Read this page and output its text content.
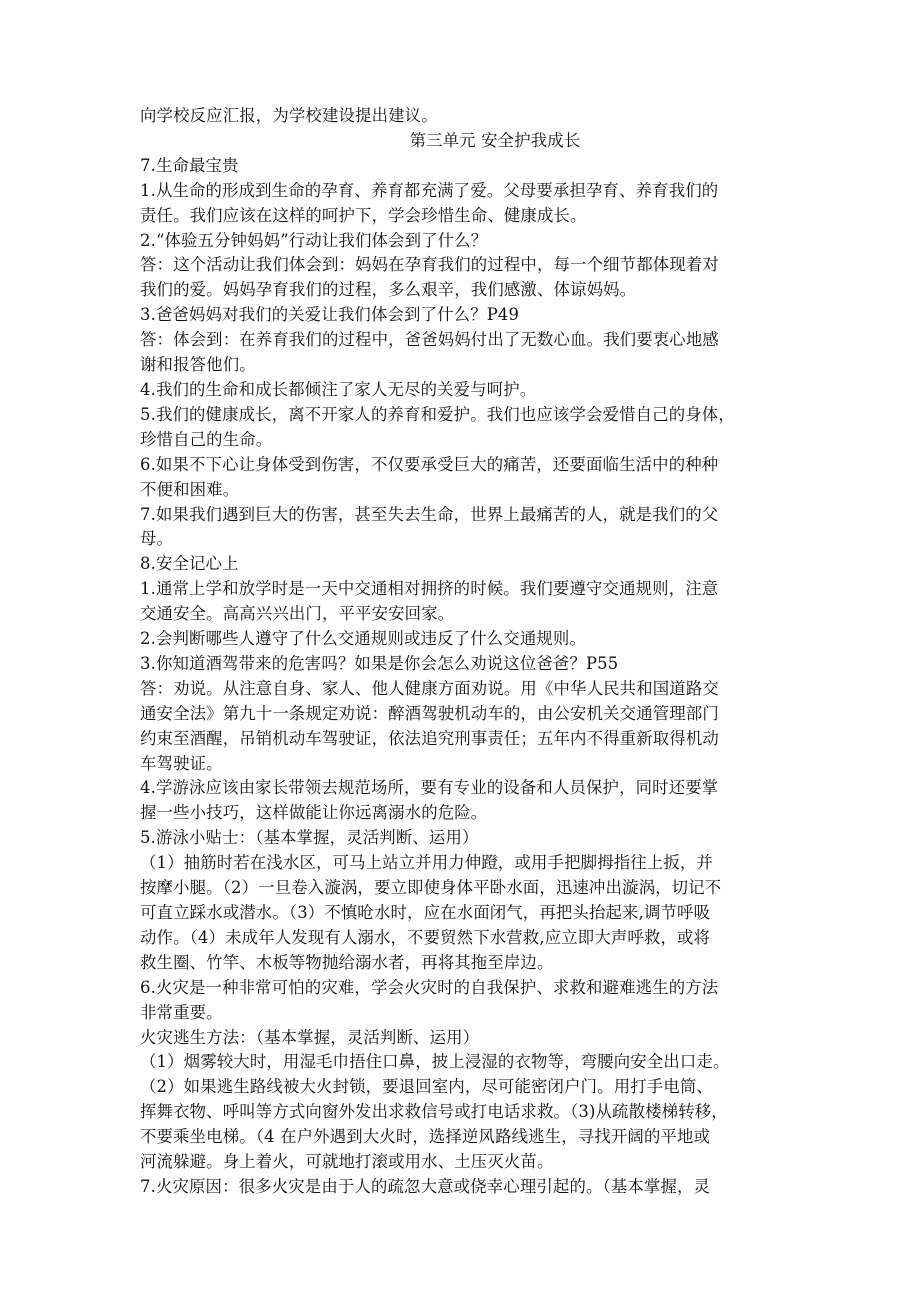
向学校反应汇报，为学校建设提出建议。

第三单元 安全护我成长

7.生命最宝贵

1.从生命的形成到生命的孕育、养育都充满了爱。父母要承担孕育、养育我们的

责任。我们应该在这样的呵护下，学会珍惜生命、健康成长。

2.“体验五分钟妈妈”行动让我们体会到了什么？

答：这个活动让我们体会到：妈妈在孕育我们的过程中，每一个细节都体现着对

我们的爱。妈妈孕育我们的过程，多么艰辛，我们感激、体谅妈妈。

3.爸爸妈妈对我们的关爱让我们体会到了什么？P49

答：体会到：在养育我们的过程中，爸爸妈妈付出了无数心血。我们要衷心地感

谢和报答他们。

4.我们的生命和成长都倾注了家人无尽的关爱与呵护。

5.我们的健康成长，离不开家人的养育和爱护。我们也应该学会爱惜自己的身体，

珍惜自己的生命。

6.如果不下心让身体受到伤害，不仅要承受巨大的痛苦，还要面临生活中的种种

不便和困难。

7.如果我们遇到巨大的伤害，甚至失去生命，世界上最痛苦的人，就是我们的父

母。

8.安全记心上

1.通常上学和放学时是一天中交通相对拥挤的时候。我们要遵守交通规则，注意

交通安全。高高兴兴出门，平平安安回家。

2.会判断哪些人遵守了什么交通规则或违反了什么交通规则。

3.你知道酒驾带来的危害吗？如果是你会怎么劝说这位爸爸？P55

答：劝说。从注意自身、家人、他人健康方面劝说。用《中华人民共和国道路交

通安全法》第九十一条规定劝说：醉酒驾驶机动车的，由公安机关交通管理部门

约束至酒醒，吊销机动车驾驶证，依法追究刑事责任；五年内不得重新取得机动

车驾驶证。

4.学游泳应该由家长带领去规范场所，要有专业的设备和人员保护，同时还要掌

握一些小技巧，这样做能让你远离溺水的危险。

5.游泳小贴士：（基本掌握，灵活判断、运用）

（1）抽筋时若在浅水区，可马上站立并用力伸蹬，或用手把脚拇指往上扳，并

按摩小腿。（2）一旦卷入漩涡，要立即使身体平卧水面，迅速冲出漩涡，切记不

可直立踩水或潜水。（3）不慎呛水时，应在水面闭气，再把头抬起来,调节呼吸

动作。（4）未成年人发现有人溺水，不要贸然下水营救,应立即大声呼救，或将

救生圈、竹竿、木板等物抛给溺水者，再将其拖至岸边。

6.火灾是一种非常可怕的灾难，学会火灾时的自我保护、求救和避难逃生的方法

非常重要。

火灾逃生方法：（基本掌握，灵活判断、运用）

（1）烟雾较大时，用湿毛巾捂住口鼻，披上浸湿的衣物等，弯腰向安全出口走。

（2）如果逃生路线被大火封锁，要退回室内，尽可能密闭户门。用打手电筒、

挥舞衣物、呼叫等方式向窗外发出求救信号或打电话求救。（3)从疏散楼梯转移，

不要乘坐电梯。（4 在户外遇到大火时，选择逆风路线逃生，寻找开阔的平地或

河流躲避。身上着火，可就地打滚或用水、土压灭火苗。

7.火灾原因：很多火灾是由于人的疏忽大意或侥幸心理引起的。（基本掌握，灵
